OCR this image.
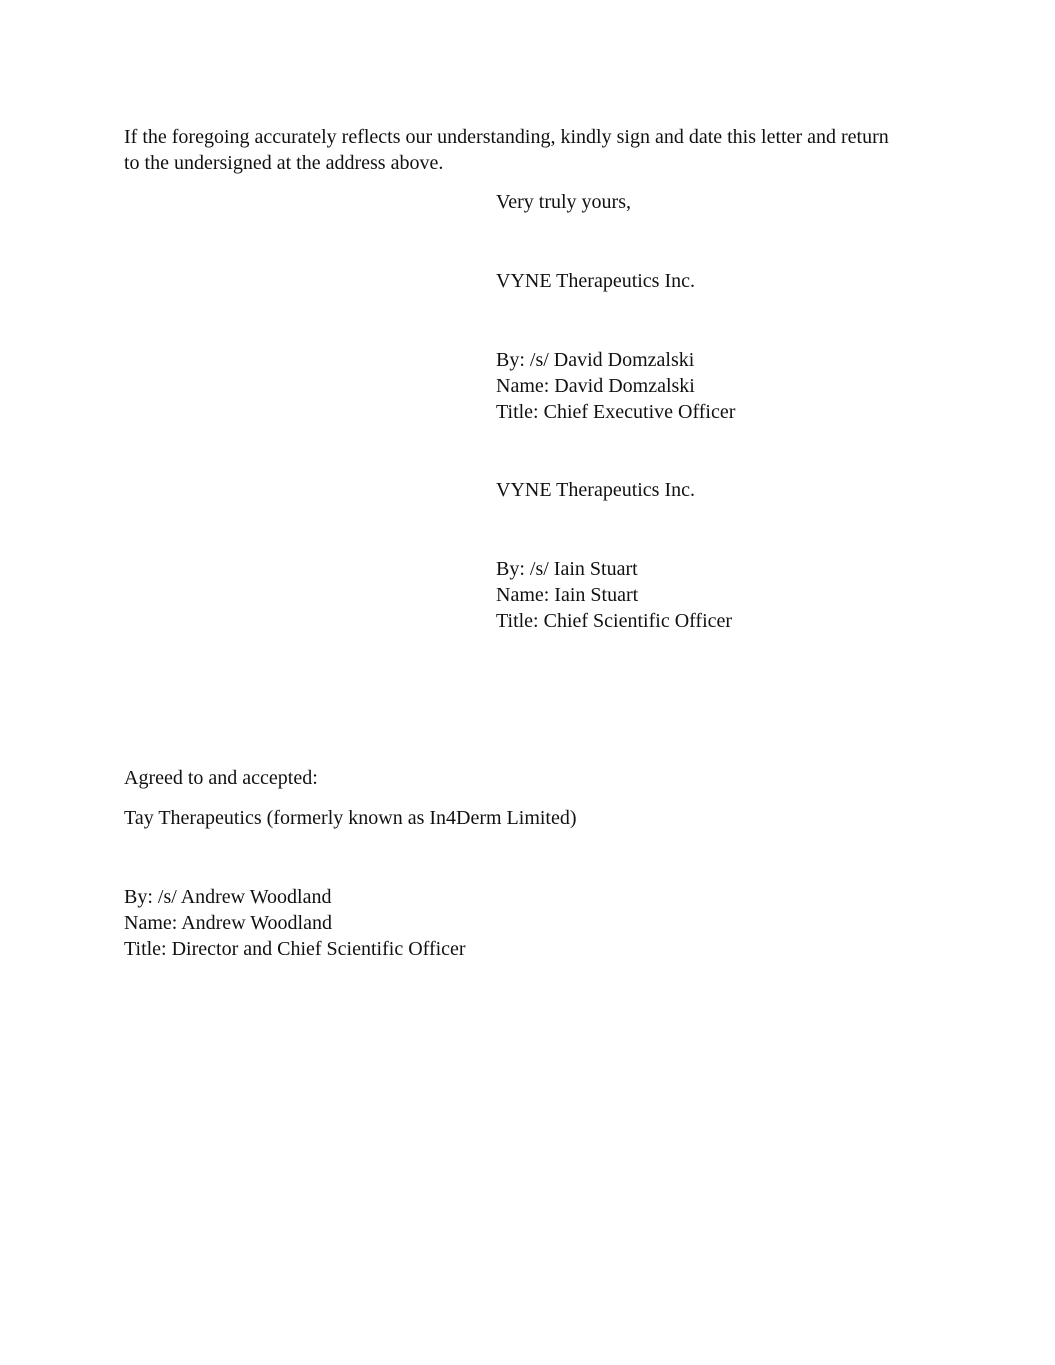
If the foregoing accurately reflects our understanding, kindly sign and date this letter and return
to the undersigned at the address above.
Very truly yours,
VYNE Therapeutics Inc.
By: /s/ David Domzalski
Name: David Domzalski
Title: Chief Executive Officer
VYNE Therapeutics Inc.
By: /s/ Iain Stuart
Name: Iain Stuart
Title: Chief Scientific Officer
Agreed to and accepted:
Tay Therapeutics (formerly known as In4Derm Limited)
By: /s/ Andrew Woodland
Name: Andrew Woodland
Title: Director and Chief Scientific Officer
